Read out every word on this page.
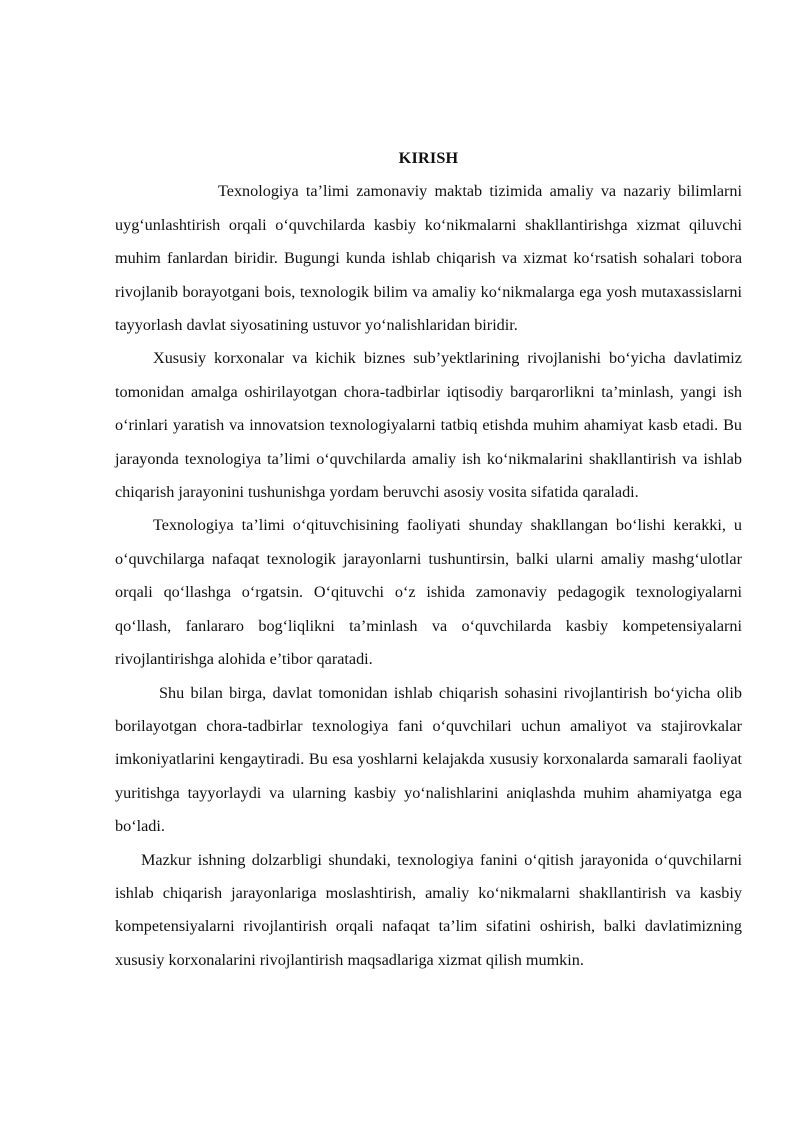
KIRISH

Texnologiya ta’limi zamonaviy maktab tizimida amaliy va nazariy bilimlarni uyg‘unlashtirish orqali o‘quvchilarda kasbiy ko‘nikmalarni shakllantirishga xizmat qiluvchi muhim fanlardan biridir. Bugungi kunda ishlab chiqarish va xizmat ko‘rsatish sohalari tobora rivojlanib borayotgani bois, texnologik bilim va amaliy ko‘nikmalarga ega yosh mutaxassislarni tayyorlash davlat siyosatining ustuvor yo‘nalishlaridan biridir.

Xususiy korxonalar va kichik biznes sub’yektlarining rivojlanishi bo‘yicha davlatimiz tomonidan amalga oshirilayotgan chora-tadbirlar iqtisodiy barqarorlikni ta’minlash, yangi ish o‘rinlari yaratish va innovatsion texnologiyalarni tatbiq etishda muhim ahamiyat kasb etadi. Bu jarayonda texnologiya ta’limi o‘quvchilarda amaliy ish ko‘nikmalarini shakllantirish va ishlab chiqarish jarayonini tushunishga yordam beruvchi asosiy vosita sifatida qaraladi.

Texnologiya ta’limi o‘qituvchisining faoliyati shunday shakllangan bo‘lishi kerakki, u o‘quvchilarga nafaqat texnologik jarayonlarni tushuntirsin, balki ularni amaliy mashg‘ulotlar orqali qo‘llashga o‘rgatsin. O‘qituvchi o‘z ishida zamonaviy pedagogik texnologiyalarni qo‘llash, fanlararo bog‘liqlikni ta’minlash va o‘quvchilarda kasbiy kompetensiyalarni rivojlantirishga alohida e’tibor qaratadi.

Shu bilan birga, davlat tomonidan ishlab chiqarish sohasini rivojlantirish bo‘yicha olib borilayotgan chora-tadbirlar texnologiya fani o‘quvchilari uchun amaliyot va stajirovkalar imkoniyatlarini kengaytiradi. Bu esa yoshlarni kelajakda xususiy korxonalarda samarali faoliyat yuritishga tayyorlaydi va ularning kasbiy yo‘nalishlarini aniqlashda muhim ahamiyatga ega bo‘ladi.

Mazkur ishning dolzarbligi shundaki, texnologiya fanini o‘qitish jarayonida o‘quvchilarni ishlab chiqarish jarayonlariga moslashtirish, amaliy ko‘nikmalarni shakllantirish va kasbiy kompetensiyalarni rivojlantirish orqali nafaqat ta’lim sifatini oshirish, balki davlatimizning xususiy korxonalarini rivojlantirish maqsadlariga xizmat qilish mumkin.
